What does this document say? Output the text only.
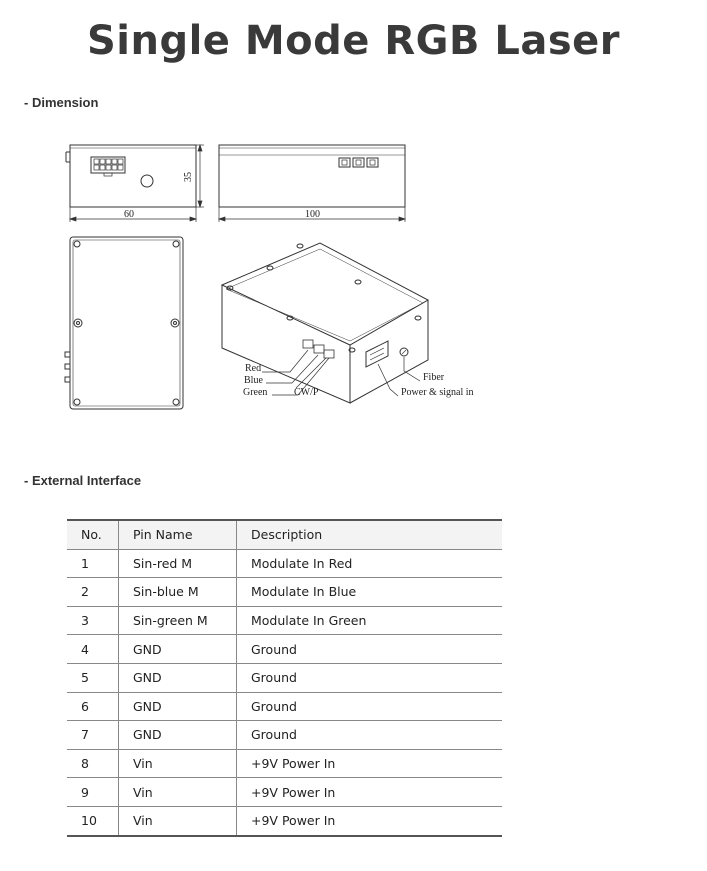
Single Mode RGB Laser
- Dimension
60	100
35
Red
Blue
Green	CW/P
Fiber
Power & signal in
- External Interface
No.	Pin Name	Description
1	Sin-red M	Modulate In Red
2	Sin-blue M	Modulate In Blue
3	Sin-green M	Modulate In Green
4	GND	Ground
5	GND	Ground
6	GND	Ground
7	GND	Ground
8	Vin	+9V Power In
9	Vin	+9V Power In
10	Vin	+9V Power In
